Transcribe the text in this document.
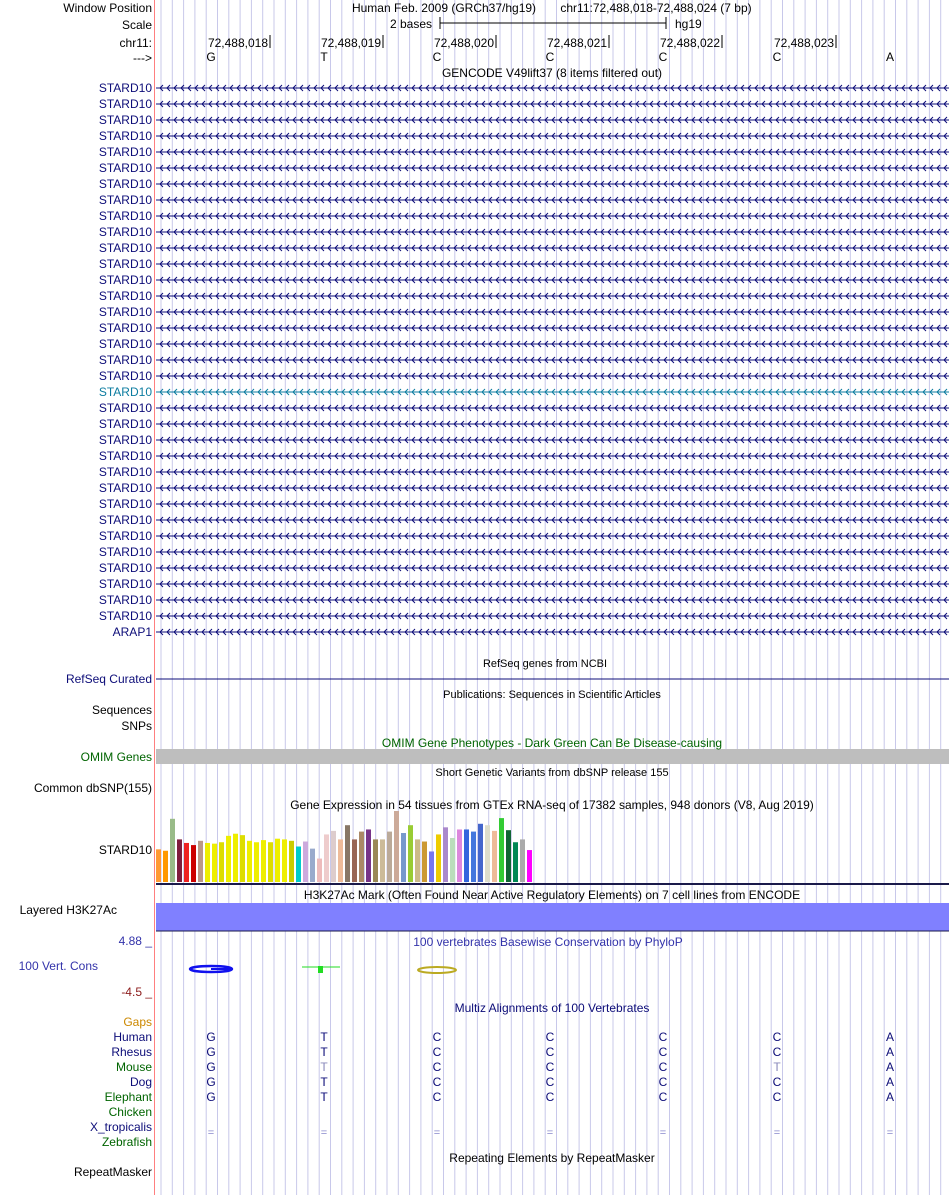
Window Position	Human Feb. 2009 (GRCh37/hg19) chr11:72,488,018-72,488,024 (7 bp)
Scale	2 bases	hg19
chr11:
--->
72,488,018	72,488,019	72,488,020	72,488,021	72,488,022	72,488,023
G	T	C	C	C	C	A
GENCODE V49lift37 (8 items filtered out)
STARD10
STARD10
STARD10
STARD10
STARD10
STARD10
STARD10
STARD10
STARD10
STARD10
STARD10
STARD10
STARD10
STARD10
STARD10
STARD10
STARD10
STARD10
STARD10
STARD10
STARD10
STARD10
STARD10
STARD10
STARD10
STARD10
STARD10
STARD10
STARD10
STARD10
STARD10
STARD10
STARD10
STARD10
ARAP1
RefSeq genes from NCBI
RefSeq Curated
Publications: Sequences in Scientific Articles
Sequences
SNPs
OMIM Gene Phenotypes - Dark Green Can Be Disease-causing
OMIM Genes
Short Genetic Variants from dbSNP release 155
Common dbSNP(155)
Gene Expression in 54 tissues from GTEx RNA-seq of 17382 samples, 948 donors (V8, Aug 2019)
STARD10
H3K27Ac Mark (Often Found Near Active Regulatory Elements) on 7 cell lines from ENCODE
Layered H3K27Ac
100 vertebrates Basewise Conservation by PhyloP
4.88 _
100 Vert. Cons
-4.5 _
Multiz Alignments of 100 Vertebrates
Gaps
Human	G	T	C	C	C	C	A
Rhesus	G	T	C	C	C	C	A
Mouse	G	T	C	C	C	T	A
Dog	G	T	C	C	C	C	A
Elephant	G	T	C	C	C	C	A
Chicken
X_tropicalis	=	=	=	=	=	=	=
Zebrafish
Repeating Elements by RepeatMasker
RepeatMasker
